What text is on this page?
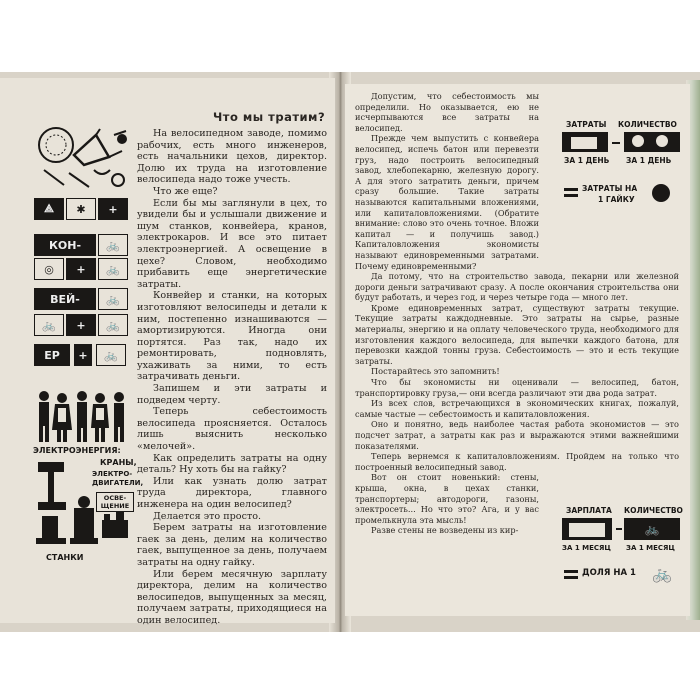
Что мы тратим?

На велосипедном заводе, помимо рабочих, есть много инженеров, есть начальники цехов, директор. Долю их труда на изготовление велосипеда надо тоже учесть.

Что же еще?

Если бы мы заглянули в цех, то увидели бы и услышали движение и шум станков, конвейера, кранов, электрокаров. И все это питает электроэнергией. А освещение в цехе? Словом, необходимо прибавить еще энергетические затраты.

Конвейер и станки, на которых изготовляют велосипеды и детали к ним, постепенно изнашиваются — амортизируются. Иногда они портятся. Раз так, надо их ремонтировать, подновлять, ухаживать за ними, то есть затрачивать деньги.

Запишем и эти затраты и подведем черту.

Теперь себестоимость велосипеда проясняется. Осталось лишь выяснить несколько «мелочей».

Как определить затраты на одну деталь? Ну хоть бы на гайку?

Или как узнать долю затрат труда директора, главного инженера на один велосипед?

Делается это просто.

Берем затраты на изготовление гаек за день, делим на количество гаек, выпущенное за день, получаем затраты на одну гайку.

Или берем месячную зарплату директора, делим на количество велосипедов, выпущенных за месяц, получаем затраты, приходящиеся на один велосипед.

⟁	✱	+
КОН-	🚲
◎	+	🚲
ВЕЙ-	🚲
🚲	+	🚲
ЕР	+	🚲
ЭЛЕКТРОЭНЕРГИЯ:
КРАНЫ,
ЭЛЕКТРО- ДВИГАТЕЛИ,
ОСВЕ- ЩЕНИЕ
СТАНКИ

Допустим, что себестоимость мы определили. Но оказывается, ею не исчерпываются все затраты на велосипед.

Прежде чем выпустить с конвейера велосипед, испечь батон или перевезти груз, надо построить велосипедный завод, хлебопекарню, железную дорогу. А для этого затратить деньги, причем сразу большие. Такие затраты называются капитальными вложениями, или капиталовложениями. (Обратите внимание: слово это очень точное. Вложи капитал — и получишь завод.) Капиталовложения экономисты называют единовременными затратами. Почему единовременными?

Да потому, что на строительство завода, пекарни или железной дороги деньги затрачивают сразу. А после окончания строительства они будут работать, и через год, и через четыре года — много лет.

Кроме единовременных затрат, существуют затраты текущие. Текущие затраты каждодневные. Это затраты на сырье, разные материалы, энергию и на оплату человеческого труда, необходимого для изготовления каждого велосипеда, для выпечки каждого батона, для перевозки каждой тонны груза. Себестоимость — это и есть текущие затраты.

Постарайтесь это запомнить!

Что бы экономисты ни оценивали — велосипед, батон, транспортировку груза,— они всегда различают эти два рода затрат.

Из всех слов, встречающихся в экономических книгах, пожалуй, самые частые — себестоимость и капиталовложения.

Оно и понятно, ведь наиболее частая работа экономистов — это подсчет затрат, а затраты как раз и выражаются этими важнейшими показателями.

Теперь вернемся к капиталовложениям. Пройдем на только что построенный велосипедный завод.

Вот он стоит новенький: стены, крыша, окна, в цехах станки, транспортеры; автодороги, газоны, электросеть... Но что это? Ага, и у вас промелькнула эта мысль!

Разве стены не возведены из кир-

ЗАТРАТЫ КОЛИЧЕСТВО
ЗА 1 ДЕНЬ ЗА 1 ДЕНЬ
ЗАТРАТЫ НА
1 ГАЙКУ
ЗАРПЛАТА КОЛИЧЕСТВО
🚲
ЗА 1 МЕСЯЦ ЗА 1 МЕСЯЦ
ДОЛЯ НА 1 🚲
